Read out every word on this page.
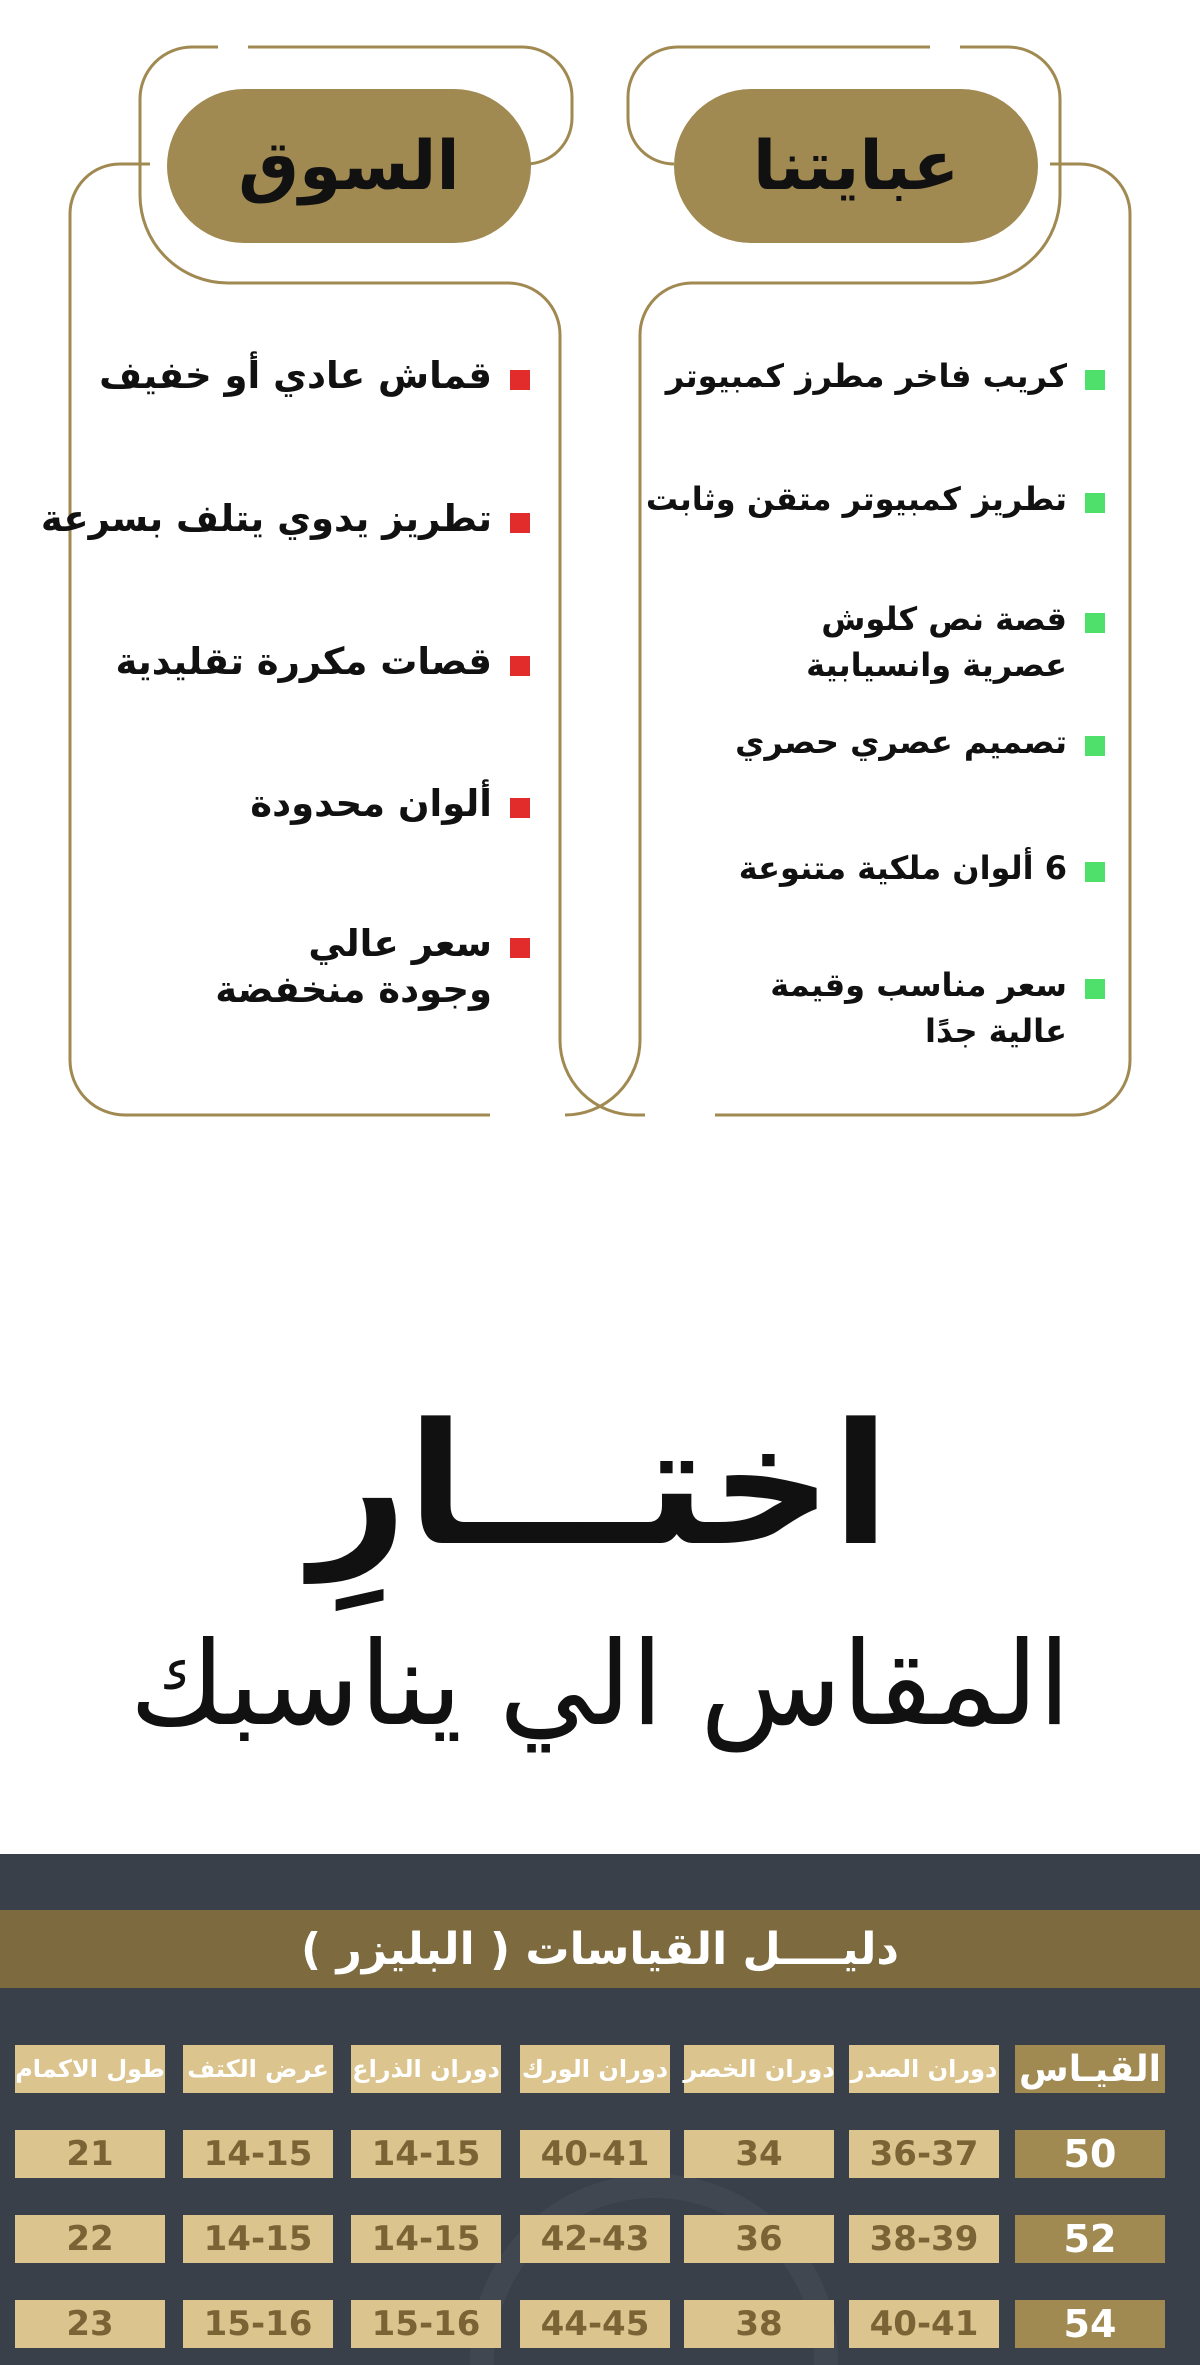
السوق	عبايتنا
قماش عادي أو خفيف
تطريز يدوي يتلف بسرعة
قصات مكررة تقليدية
ألوان محدودة
سعر عالي
وجودة منخفضة
كريب فاخر مطرز كمبيوتر
تطريز كمبيوتر متقن وثابت
قصة نص كلوش
عصرية وانسيابية
تصميم عصري حصري
6 ألوان ملكية متنوعة
سعر مناسب وقيمة
عالية جدًا
اختـــارِ
المقاس الي يناسبك
دليــــل القياسات ( البليزر )
القيـاس
دوران الصدر
دوران الخصر
دوران الورك
دوران الذراع
عرض الكتف
طول الاكمام
50
36-37
34
40-41
14-15
14-15
21
52
38-39
36
42-43
14-15
14-15
22
54
40-41
38
44-45
15-16
15-16
23
